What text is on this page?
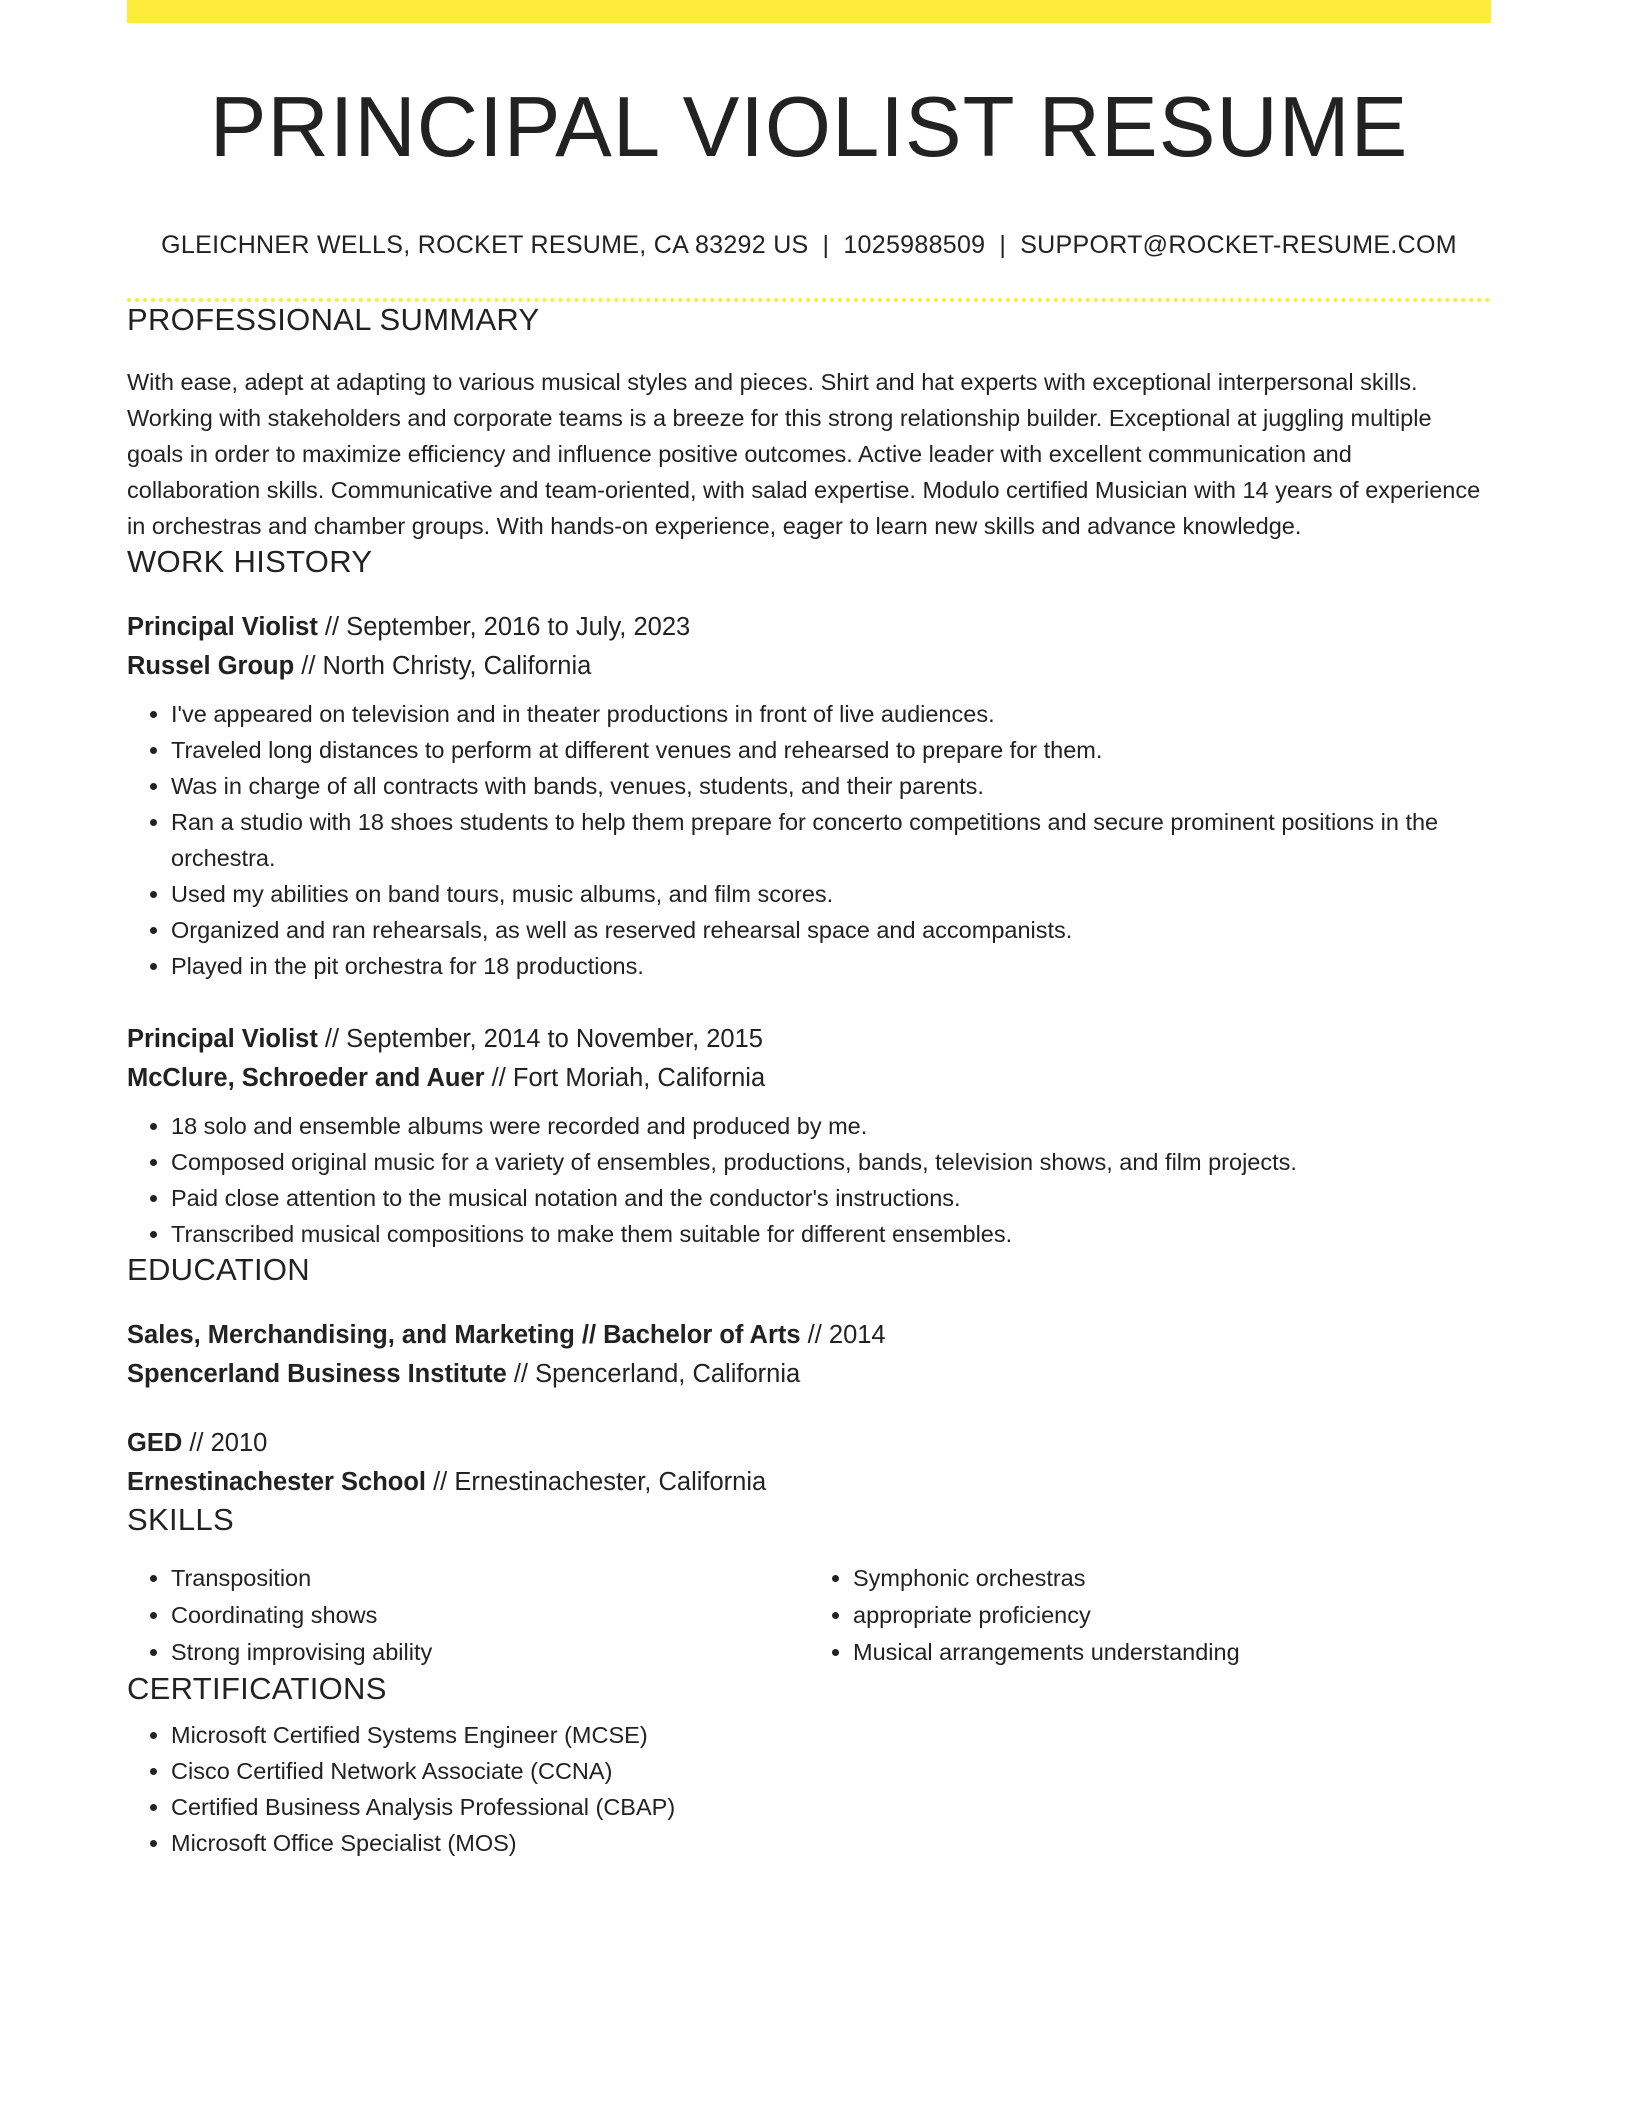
PRINCIPAL VIOLIST RESUME
GLEICHNER WELLS, ROCKET RESUME, CA 83292 US | 1025988509 | SUPPORT@ROCKET-RESUME.COM
PROFESSIONAL SUMMARY
With ease, adept at adapting to various musical styles and pieces. Shirt and hat experts with exceptional interpersonal skills. Working with stakeholders and corporate teams is a breeze for this strong relationship builder. Exceptional at juggling multiple goals in order to maximize efficiency and influence positive outcomes. Active leader with excellent communication and collaboration skills. Communicative and team-oriented, with salad expertise. Modulo certified Musician with 14 years of experience in orchestras and chamber groups. With hands-on experience, eager to learn new skills and advance knowledge.
WORK HISTORY
Principal Violist // September, 2016 to July, 2023
Russel Group // North Christy, California
• I've appeared on television and in theater productions in front of live audiences.
• Traveled long distances to perform at different venues and rehearsed to prepare for them.
• Was in charge of all contracts with bands, venues, students, and their parents.
• Ran a studio with 18 shoes students to help them prepare for concerto competitions and secure prominent positions in the orchestra.
• Used my abilities on band tours, music albums, and film scores.
• Organized and ran rehearsals, as well as reserved rehearsal space and accompanists.
• Played in the pit orchestra for 18 productions.
Principal Violist // September, 2014 to November, 2015
McClure, Schroeder and Auer // Fort Moriah, California
• 18 solo and ensemble albums were recorded and produced by me.
• Composed original music for a variety of ensembles, productions, bands, television shows, and film projects.
• Paid close attention to the musical notation and the conductor's instructions.
• Transcribed musical compositions to make them suitable for different ensembles.
EDUCATION
Sales, Merchandising, and Marketing // Bachelor of Arts // 2014
Spencerland Business Institute // Spencerland, California
GED // 2010
Ernestinachester School // Ernestinachester, California
SKILLS
• Transposition
• Coordinating shows
• Strong improvising ability
• Symphonic orchestras
• appropriate proficiency
• Musical arrangements understanding
CERTIFICATIONS
• Microsoft Certified Systems Engineer (MCSE)
• Cisco Certified Network Associate (CCNA)
• Certified Business Analysis Professional (CBAP)
• Microsoft Office Specialist (MOS)
